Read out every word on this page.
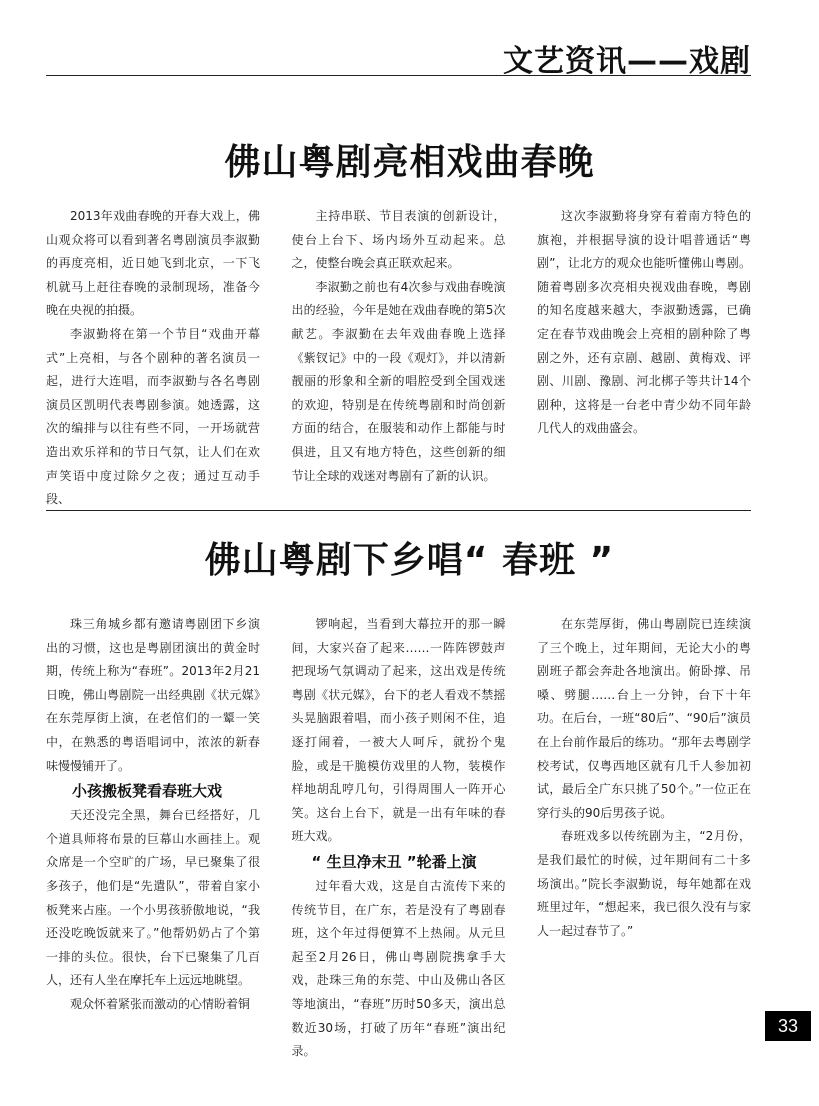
文艺资讯——戏剧
佛山粤剧亮相戏曲春晚

2013年戏曲春晚的开春大戏上，佛山观众将可以看到著名粤剧演员李淑勤的再度亮相，近日她飞到北京，一下飞机就马上赶往春晚的录制现场，准备今晚在央视的拍摄。

李淑勤将在第一个节目“戏曲开幕式”上亮相，与各个剧种的著名演员一起，进行大连唱，而李淑勤与各名粤剧演员区凯明代表粤剧参演。她透露，这次的编排与以往有些不同，一开场就营造出欢乐祥和的节日气氛，让人们在欢声笑语中度过除夕之夜；通过互动手段、

主持串联、节目表演的创新设计，使台上台下、场内场外互动起来。总之，使整台晚会真正联欢起来。

李淑勤之前也有4次参与戏曲春晚演出的经验，今年是她在戏曲春晚的第5次献艺。李淑勤在去年戏曲春晚上选择《紫钗记》中的一段《观灯》，并以清新靓丽的形象和全新的唱腔受到全国戏迷的欢迎，特别是在传统粤剧和时尚创新方面的结合，在服装和动作上都能与时俱进，且又有地方特色，这些创新的细节让全球的戏迷对粤剧有了新的认识。

这次李淑勤将身穿有着南方特色的旗袍，并根据导演的设计唱普通话“粤剧”，让北方的观众也能听懂佛山粤剧。随着粤剧多次亮相央视戏曲春晚，粤剧的知名度越来越大，李淑勤透露，已确定在春节戏曲晚会上亮相的剧种除了粤剧之外，还有京剧、越剧、黄梅戏、评剧、川剧、豫剧、河北梆子等共计14个剧种，这将是一台老中青少幼不同年龄几代人的戏曲盛会。

佛山粤剧下乡唱“ 春班 ”

珠三角城乡都有邀请粤剧团下乡演出的习惯，这也是粤剧团演出的黄金时期，传统上称为“春班”。2013年2月21日晚，佛山粤剧院一出经典剧《状元媒》在东莞厚街上演，在老倌们的一颦一笑中，在熟悉的粤语唱词中，浓浓的新春味慢慢铺开了。

小孩搬板凳看春班大戏

天还没完全黑，舞台已经搭好，几个道具师将布景的巨幕山水画挂上。观众席是一个空旷的广场，早已聚集了很多孩子，他们是“先遣队”，带着自家小板凳来占座。一个小男孩骄傲地说，“我还没吃晚饭就来了。”他帮奶奶占了个第一排的头位。很快，台下已聚集了几百人，还有人坐在摩托车上远远地眺望。

观众怀着紧张而激动的心情盼着铜

锣响起，当看到大幕拉开的那一瞬间，大家兴奋了起来……一阵阵锣鼓声把现场气氛调动了起来，这出戏是传统粤剧《状元媒》，台下的老人看戏不禁摇头晃脑跟着唱，而小孩子则闲不住，追逐打闹着，一被大人呵斥，就扮个鬼脸，或是干脆模仿戏里的人物，装模作样地胡乱哼几句，引得周围人一阵开心笑。这台上台下，就是一出有年味的春班大戏。

“ 生旦净末丑 ”轮番上演

过年看大戏，这是自古流传下来的传统节目，在广东，若是没有了粤剧春班，这个年过得便算不上热闹。从元旦起至2月26日，佛山粤剧院携拿手大戏，赴珠三角的东莞、中山及佛山各区等地演出，“春班”历时50多天，演出总数近30场，打破了历年“春班”演出纪录。

在东莞厚街，佛山粤剧院已连续演了三个晚上，过年期间，无论大小的粤剧班子都会奔赴各地演出。俯卧撑、吊嗓、劈腿……台上一分钟，台下十年功。在后台，一班“80后”、“90后”演员在上台前作最后的练功。“那年去粤剧学校考试，仅粤西地区就有几千人参加初试，最后全广东只挑了50个。”一位正在穿行头的90后男孩子说。

春班戏多以传统剧为主，“2月份，是我们最忙的时候，过年期间有二十多场演出。”院长李淑勤说，每年她都在戏班里过年，“想起来，我已很久没有与家人一起过春节了。”

33
